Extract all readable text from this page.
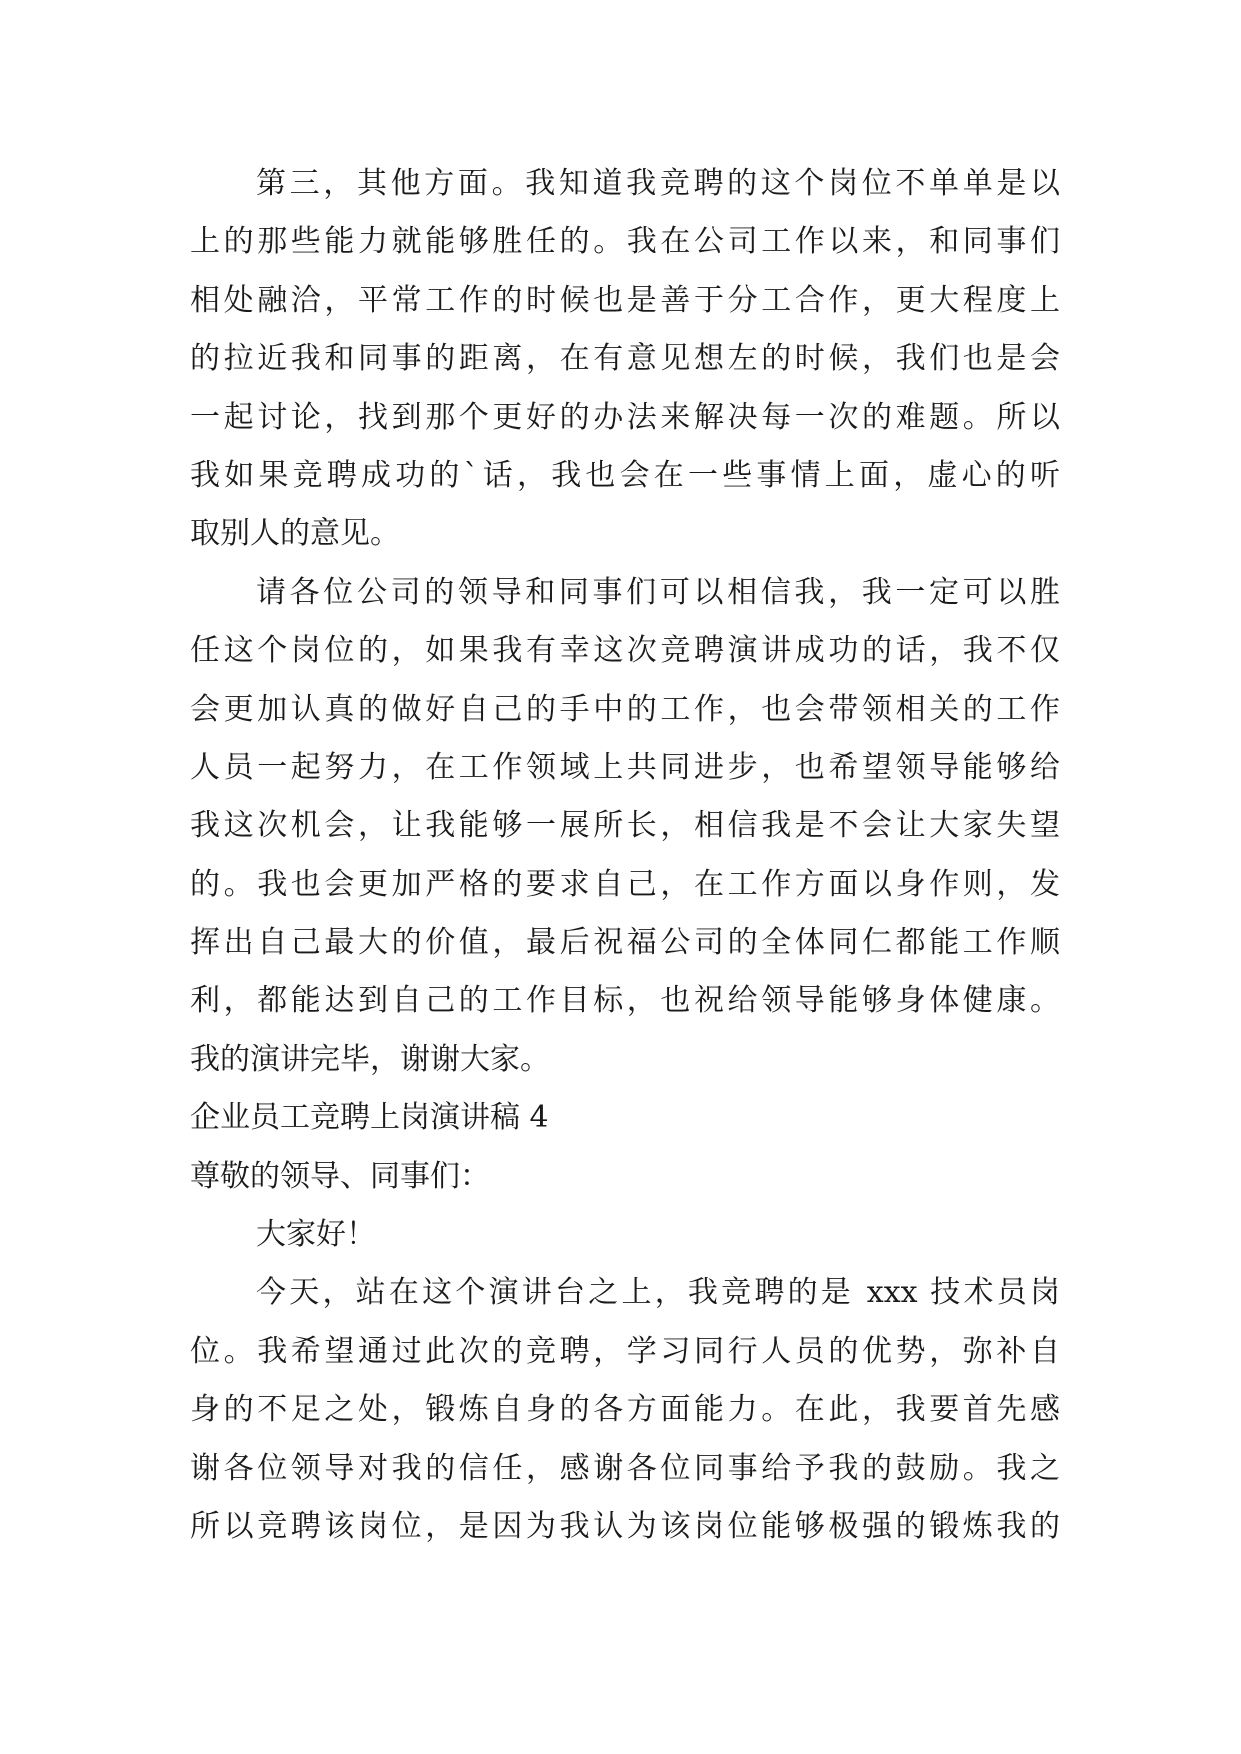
第三，其他方面。我知道我竞聘的这个岗位不单单是以
上的那些能力就能够胜任的。我在公司工作以来，和同事们
相处融洽，平常工作的时候也是善于分工合作，更大程度上
的拉近我和同事的距离，在有意见想左的时候，我们也是会
一起讨论，找到那个更好的办法来解决每一次的难题。所以
我如果竞聘成功的`话，我也会在一些事情上面，虚心的听
取别人的意见。
请各位公司的领导和同事们可以相信我，我一定可以胜
任这个岗位的，如果我有幸这次竞聘演讲成功的话，我不仅
会更加认真的做好自己的手中的工作，也会带领相关的工作
人员一起努力，在工作领域上共同进步，也希望领导能够给
我这次机会，让我能够一展所长，相信我是不会让大家失望
的。我也会更加严格的要求自己，在工作方面以身作则，发
挥出自己最大的价值，最后祝福公司的全体同仁都能工作顺
利，都能达到自己的工作目标，也祝给领导能够身体健康。
我的演讲完毕，谢谢大家。
企业员工竞聘上岗演讲稿 4
尊敬的领导、同事们：
大家好！
今天，站在这个演讲台之上，我竞聘的是 xxx 技术员岗
位。我希望通过此次的竞聘，学习同行人员的优势，弥补自
身的不足之处，锻炼自身的各方面能力。在此，我要首先感
谢各位领导对我的信任，感谢各位同事给予我的鼓励。我之
所以竞聘该岗位，是因为我认为该岗位能够极强的锻炼我的
